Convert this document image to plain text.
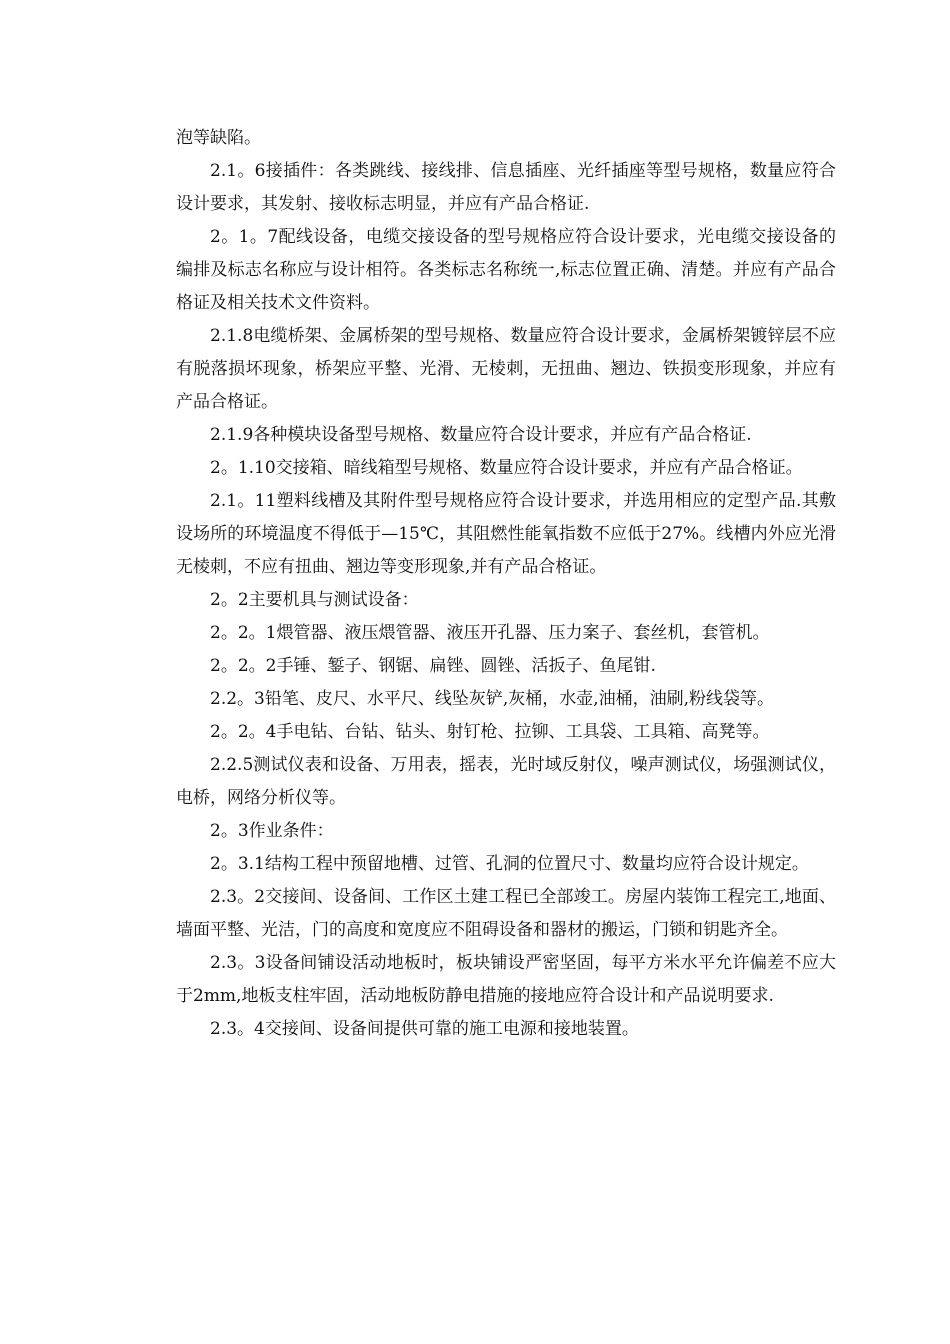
泡等缺陷。

2.1。6接插件：各类跳线、接线排、信息插座、光纤插座等型号规格，数量应符合设计要求，其发射、接收标志明显，并应有产品合格证.

2。1。7配线设备，电缆交接设备的型号规格应符合设计要求，光电缆交接设备的编排及标志名称应与设计相符。各类标志名称统一,标志位置正确、清楚。并应有产品合格证及相关技术文件资料。

2.1.8电缆桥架、金属桥架的型号规格、数量应符合设计要求，金属桥架镀锌层不应有脱落损坏现象，桥架应平整、光滑、无棱刺，无扭曲、翘边、铁损变形现象，并应有产品合格证。

2.1.9各种模块设备型号规格、数量应符合设计要求，并应有产品合格证.

2。1.10交接箱、暗线箱型号规格、数量应符合设计要求，并应有产品合格证。

2.1。11塑料线槽及其附件型号规格应符合设计要求，并选用相应的定型产品.其敷设场所的环境温度不得低于—15℃，其阻燃性能氧指数不应低于27%。线槽内外应光滑无棱刺，不应有扭曲、翘边等变形现象,并有产品合格证。

2。2主要机具与测试设备：

2。2。1煨管器、液压煨管器、液压开孔器、压力案子、套丝机，套管机。

2。2。2手锤、錾子、钢锯、扁锉、圆锉、活扳子、鱼尾钳.

2.2。3铅笔、皮尺、水平尺、线坠灰铲,灰桶，水壶,油桶，油刷,粉线袋等。

2。2。4手电钻、台钻、钻头、射钉枪、拉铆、工具袋、工具箱、高凳等。

2.2.5测试仪表和设备、万用表，摇表，光时域反射仪，噪声测试仪，场强测试仪，电桥，网络分析仪等。

2。3作业条件：

2。3.1结构工程中预留地槽、过管、孔洞的位置尺寸、数量均应符合设计规定。

2.3。2交接间、设备间、工作区土建工程已全部竣工。房屋内装饰工程完工,地面、墙面平整、光洁，门的高度和宽度应不阻碍设备和器材的搬运，门锁和钥匙齐全。

2.3。3设备间铺设活动地板时，板块铺设严密坚固，每平方米水平允许偏差不应大于2mm,地板支柱牢固，活动地板防静电措施的接地应符合设计和产品说明要求.

2.3。4交接间、设备间提供可靠的施工电源和接地装置。
